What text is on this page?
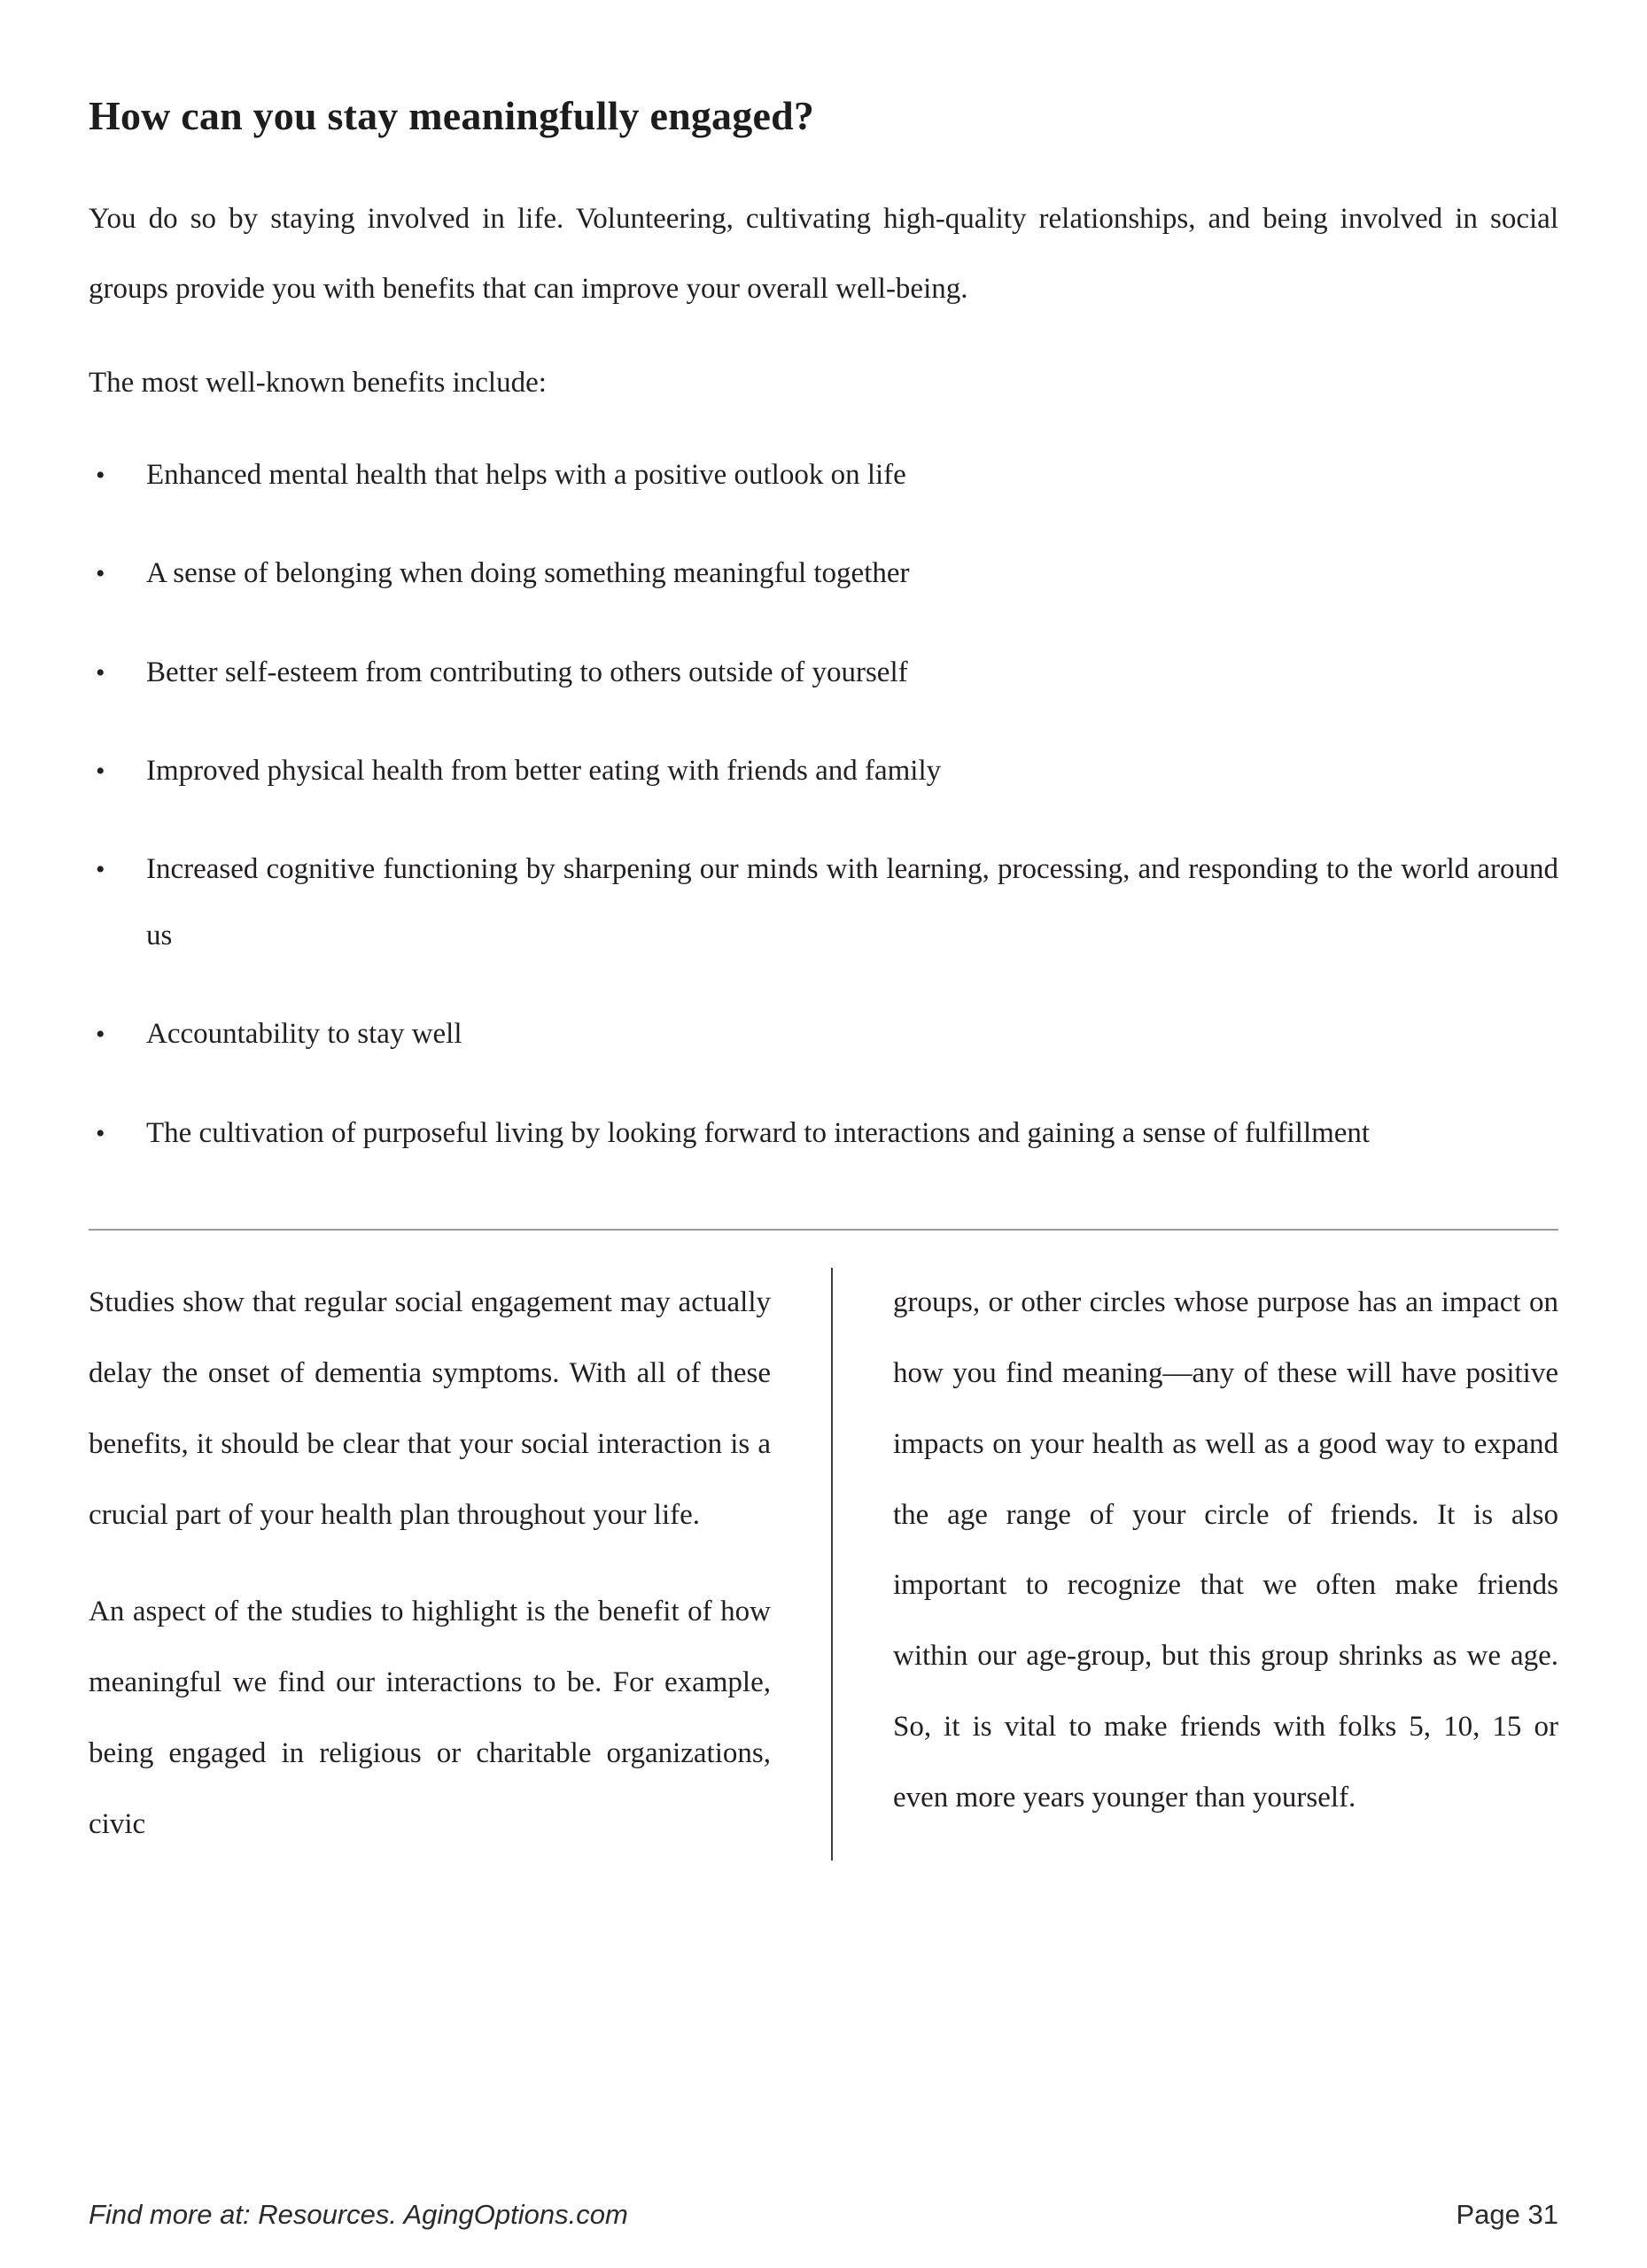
How can you stay meaningfully engaged?

You do so by staying involved in life. Volunteering, cultivating high-quality relationships, and being involved in social groups provide you with benefits that can improve your overall well-being.

The most well-known benefits include:

• Enhanced mental health that helps with a positive outlook on life
• A sense of belonging when doing something meaningful together
• Better self-esteem from contributing to others outside of yourself
• Improved physical health from better eating with friends and family
• Increased cognitive functioning by sharpening our minds with learning, processing, and responding to the world around us
• Accountability to stay well
• The cultivation of purposeful living by looking forward to interactions and gaining a sense of fulfillment

Studies show that regular social engagement may actually delay the onset of dementia symptoms. With all of these benefits, it should be clear that your social interaction is a crucial part of your health plan throughout your life.

An aspect of the studies to highlight is the benefit of how meaningful we find our interactions to be. For example, being engaged in religious or charitable organizations, civic

groups, or other circles whose purpose has an impact on how you find meaning—any of these will have positive impacts on your health as well as a good way to expand the age range of your circle of friends. It is also important to recognize that we often make friends within our age-group, but this group shrinks as we age. So, it is vital to make friends with folks 5, 10, 15 or even more years younger than yourself.

Find more at: Resources. AgingOptions.com	Page 31
